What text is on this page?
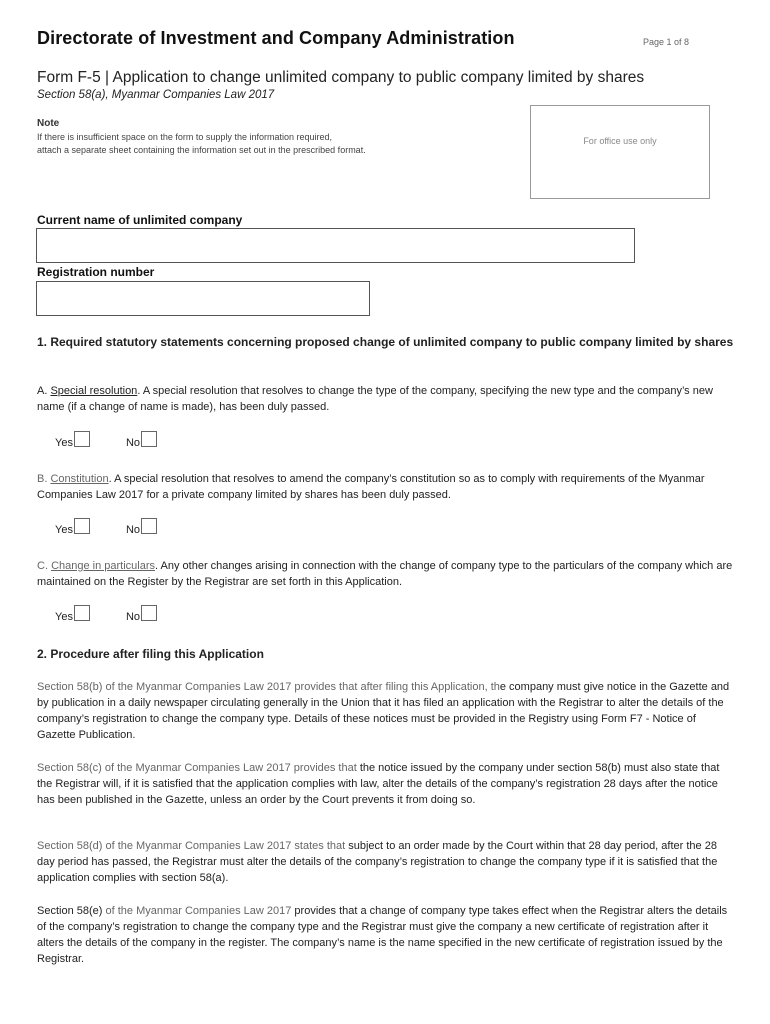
Directorate of Investment and Company Administration	Page 1 of 8
Form F-5 | Application to change unlimited company to public company limited by shares
Section 58(a), Myanmar Companies Law 2017
Note
If there is insufficient space on the form to supply the information required,
attach a separate sheet containing the information set out in the prescribed format.
For office use only
Current name of unlimited company
Registration number
1. Required statutory statements concerning proposed change of unlimited company to public company limited by shares
A. Special resolution. A special resolution that resolves to change the type of the company, specifying the new type and the company’s new name (if a change of name is made), has been duly passed.
Yes	No
B. Constitution. A special resolution that resolves to amend the company’s constitution so as to comply with requirements of the Myanmar Companies Law 2017 for a private company limited by shares has been duly passed.
Yes	No
C. Change in particulars. Any other changes arising in connection with the change of company type to the particulars of the company which are maintained on the Register by the Registrar are set forth in this Application.
Yes	No
2. Procedure after filing this Application
Section 58(b) of the Myanmar Companies Law 2017 provides that after filing this Application, the company must give notice in the Gazette and by publication in a daily newspaper circulating generally in the Union that it has filed an application with the Registrar to alter the details of the company’s registration to change the company type. Details of these notices must be provided in the Registry using Form F7 - Notice of Gazette Publication.
Section 58(c) of the Myanmar Companies Law 2017 provides that the notice issued by the company under section 58(b) must also state that the Registrar will, if it is satisfied that the application complies with law, alter the details of the company’s registration 28 days after the notice has been published in the Gazette, unless an order by the Court prevents it from doing so.
Section 58(d) of the Myanmar Companies Law 2017 states that subject to an order made by the Court within that 28 day period, after the 28 day period has passed, the Registrar must alter the details of the company’s registration to change the company type if it is satisfied that the application complies with section 58(a).
Section 58(e) of the Myanmar Companies Law 2017 provides that a change of company type takes effect when the Registrar alters the details of the company’s registration to change the company type and the Registrar must give the company a new certificate of registration after it alters the details of the company in the register. The company’s name is the name specified in the new certificate of registration issued by the Registrar.
